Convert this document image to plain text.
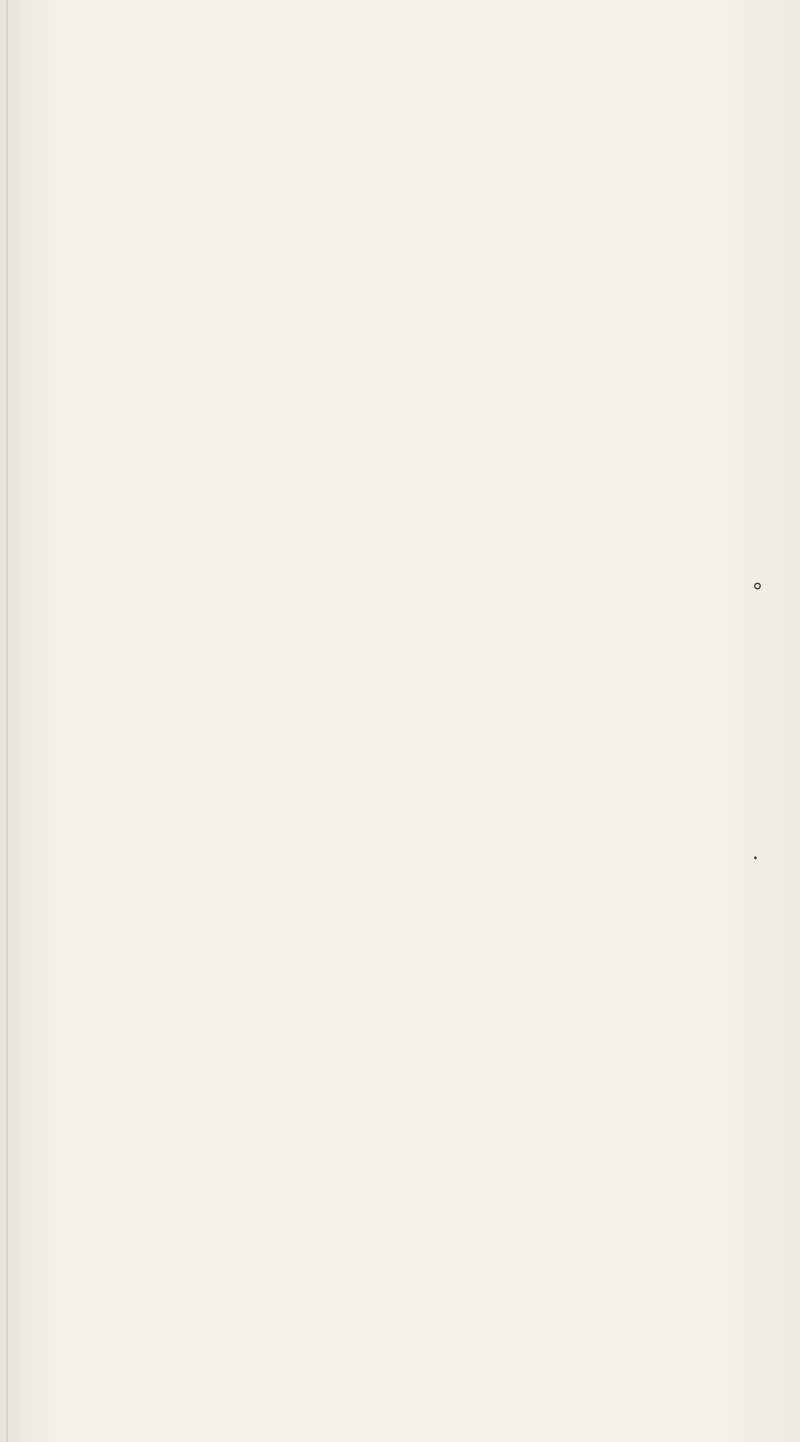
°
.
